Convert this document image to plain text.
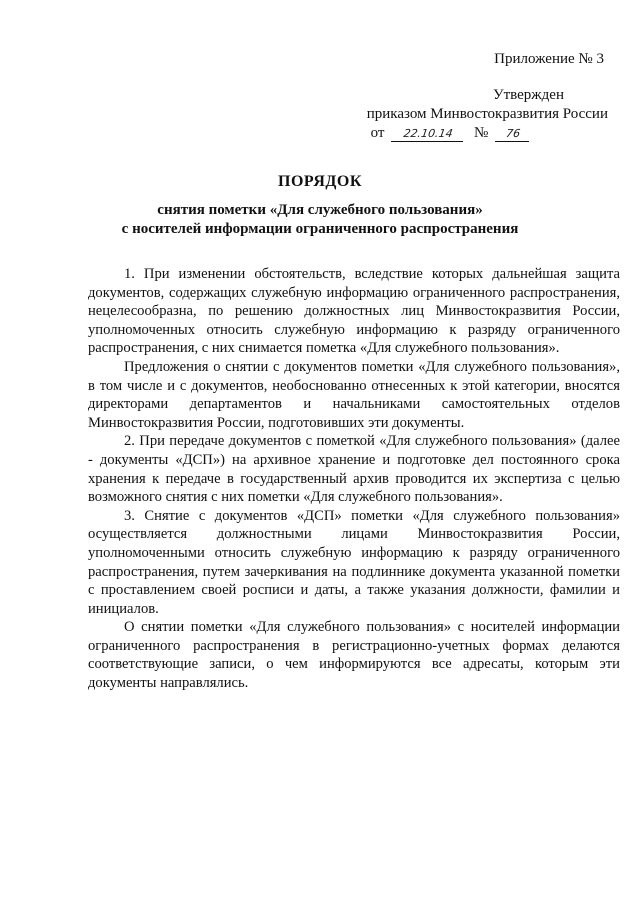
Приложение № 3
Утвержден
приказом Минвостокразвития России
от 22.10.14 № 76
ПОРЯДОК
снятия пометки «Для служебного пользования»
с носителей информации ограниченного распространения

1. При изменении обстоятельств, вследствие которых дальнейшая защита документов, содержащих служебную информацию ограниченного распространения, нецелесообразна, по решению должностных лиц Минвостокразвития России, уполномоченных относить служебную информацию к разряду ограниченного распространения, с них снимается пометка «Для служебного пользования».

Предложения о снятии с документов пометки «Для служебного пользования», в том числе и с документов, необоснованно отнесенных к этой категории, вносятся директорами департаментов и начальниками самостоятельных отделов Минвостокразвития России, подготовивших эти документы.

2. При передаче документов с пометкой «Для служебного пользования» (далее - документы «ДСП») на архивное хранение и подготовке дел постоянного срока хранения к передаче в государственный архив проводится их экспертиза с целью возможного снятия с них пометки «Для служебного пользования».

3. Снятие с документов «ДСП» пометки «Для служебного пользования» осуществляется должностными лицами Минвостокразвития России, уполномоченными относить служебную информацию к разряду ограниченного распространения, путем зачеркивания на подлиннике документа указанной пометки с проставлением своей росписи и даты, а также указания должности, фамилии и инициалов.

О снятии пометки «Для служебного пользования» с носителей информации ограниченного распространения в регистрационно-учетных формах делаются соответствующие записи, о чем информируются все адресаты, которым эти документы направлялись.
